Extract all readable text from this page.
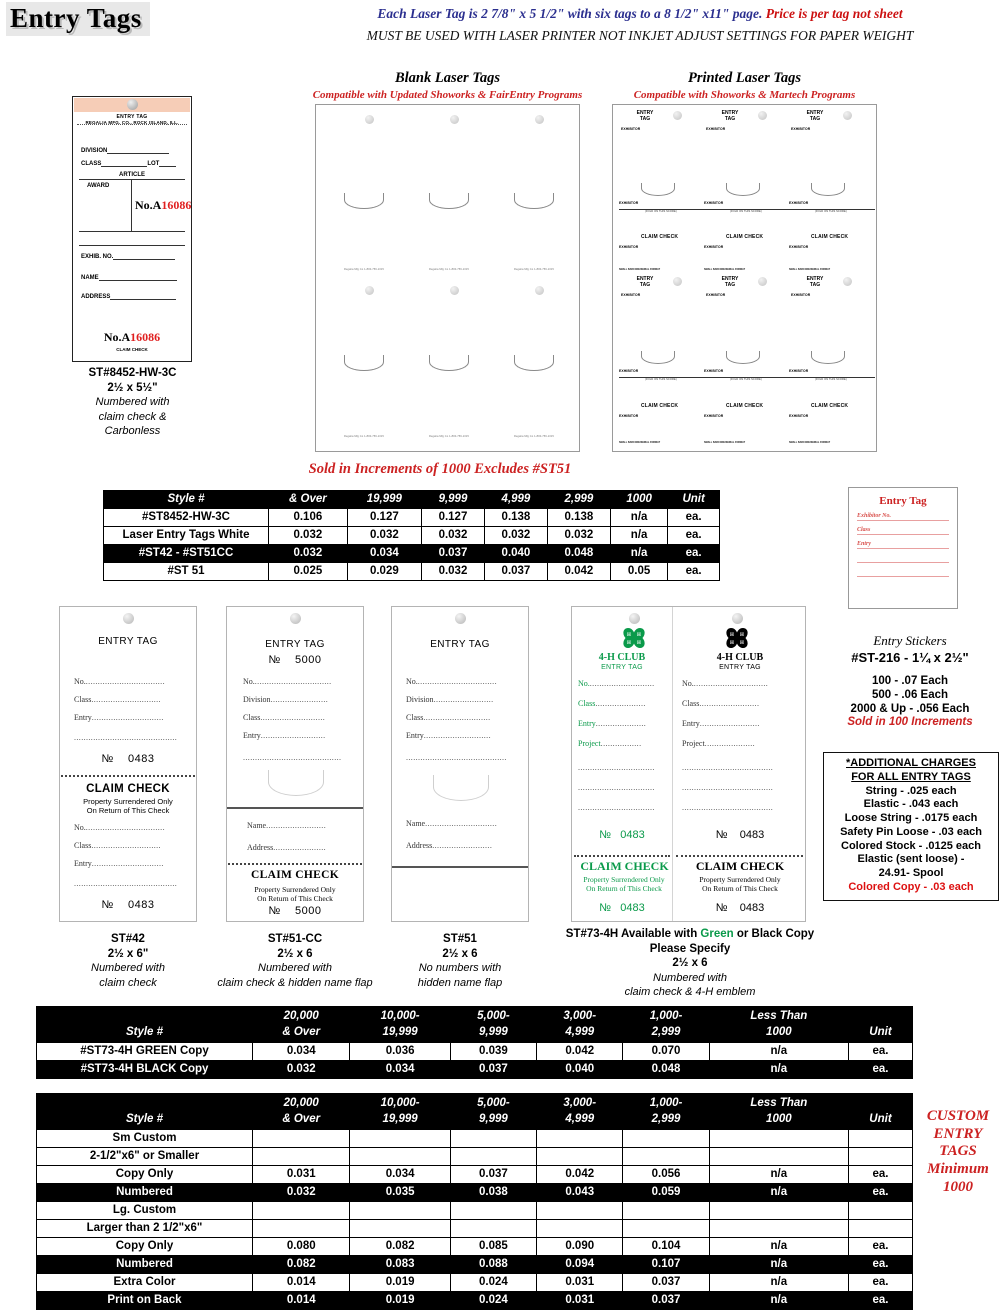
Entry Tags	Each Laser Tag is 2 7/8" x 5 1/2" with six tags to a 8 1/2" x11" page. Price is per tag not sheet
MUST BE USED WITH LASER PRINTER NOT INKJET ADJUST SETTINGS FOR PAPER WEIGHT
ENTRY TAG
REGALIA MFG. CO., ROCK ISLAND, ILL.
DIVISION
CLASS	LOT
ARTICLE
AWARD
No.A16086
EXHIB. NO.
NAME
ADDRESS
No.A16086
CLAIM CHECK
ST#8452-HW-3C
2½ x 5½"
Numbered with
claim check &
Carbonless
Blank Laser Tags
Compatible with Updated Showorks & FairEntry Programs
Printed Laser Tags
Compatible with Showorks & Martech Programs
Regalia Mfg Co 1-800-759-1015	Regalia Mfg Co 1-800-759-1015	Regalia Mfg Co 1-800-759-1015
Regalia Mfg Co 1-800-759-1015	Regalia Mfg Co 1-800-759-1015	Regalia Mfg Co 1-800-759-1015
ENTRY
TAG
EXHIBITOR
EXHIBITOR
(FOLD ON THIS SCORE)
CLAIM CHECK
EXHIBITOR
SMALL BARCODE/SERIAL FORMAT
ENTRY
TAG
EXHIBITOR
EXHIBITOR
(FOLD ON THIS SCORE)
CLAIM CHECK
EXHIBITOR
SMALL BARCODE/SERIAL FORMAT
ENTRY
TAG
EXHIBITOR
EXHIBITOR
(FOLD ON THIS SCORE)
CLAIM CHECK
EXHIBITOR
SMALL BARCODE/SERIAL FORMAT
ENTRY
TAG
EXHIBITOR
EXHIBITOR
(FOLD ON THIS SCORE)
CLAIM CHECK
EXHIBITOR
SMALL BARCODE/SERIAL FORMAT
ENTRY
TAG
EXHIBITOR
EXHIBITOR
(FOLD ON THIS SCORE)
CLAIM CHECK
EXHIBITOR
SMALL BARCODE/SERIAL FORMAT
ENTRY
TAG
EXHIBITOR
EXHIBITOR
(FOLD ON THIS SCORE)
CLAIM CHECK
EXHIBITOR
SMALL BARCODE/SERIAL FORMAT
Sold in Increments of 1000 Excludes #ST51
Style #	& Over	19,999	9,999	4,999	2,999	1000	Unit
#ST8452-HW-3C	0.106	0.127	0.127	0.138	0.138	n/a	ea.
Laser Entry Tags White	0.032	0.032	0.032	0.032	0.032	n/a	ea.
#ST42 - #ST51CC	0.032	0.034	0.037	0.040	0.048	n/a	ea.
#ST 51	0.025	0.029	0.032	0.037	0.042	0.05	ea.
Entry Tag
Exhibitor No.
Class
Entry
Entry Stickers
#ST-216 - 1¼ x 2½"
100 - .07 Each
500 - .06 Each
2000 & Up - .056 Each
Sold in 100 Increments
*ADDITIONAL CHARGES
FOR ALL ENTRY TAGS
String - .025 each
Elastic - .043 each
Loose String - .0175 each
Safety Pin Loose - .03 each
Colored Stock - .0125 each
Elastic (sent loose) -
24.91- Spool
Colored Copy - .03 each
ENTRY TAG
No..................................
Class.............................
Entry..............................
...........................................
№ 0483
CLAIM CHECK
Property Surrendered Only
On Return of This Check
No..................................
Class.............................
Entry..............................
...........................................
№ 0483
ENTRY TAG
№ 5000
No.................................
Division........................
Class...........................
Entry...........................
.........................................
Name.........................
Address......................
CLAIM CHECK
Property Surrendered Only
On Return of This Check
№ 5000
ENTRY TAG
No..................................
Division.........................
Class............................
Entry............................
..........................................
Name..............................
Address.........................
H H
H H
4-H CLUB
ENTRY TAG
No............................
Class.....................
Entry.....................
Project.................
................................
................................
................................
№ 0483
CLAIM CHECK
Property Surrendered Only
On Return of This Check
№ 0483
H H
H H
4-H CLUB
ENTRY TAG
No................................
Class.........................
Entry.........................
Project.....................
......................................
......................................
......................................
№ 0483
CLAIM CHECK
Property Surrendered Only
On Return of This Check
№ 0483
ST#42
2½ x 6"
Numbered with
claim check
ST#51-CC
2½ x 6
Numbered with
claim check & hidden name flap
ST#51
2½ x 6
No numbers with
hidden name flap
ST#73-4H Available with Green or Black Copy
Please Specify
2½ x 6
Numbered with
claim check & 4-H emblem
	20,000	10,000-	5,000-	3,000-	1,000-	Less Than	
Style #	& Over	19,999	9,999	4,999	2,999	1000	Unit
#ST73-4H GREEN Copy	0.034	0.036	0.039	0.042	0.070	n/a	ea.
#ST73-4H BLACK Copy	0.032	0.034	0.037	0.040	0.048	n/a	ea.
	20,000	10,000-	5,000-	3,000-	1,000-	Less Than	
Style #	& Over	19,999	9,999	4,999	2,999	1000	Unit
Sm Custom							
2-1/2"x6" or Smaller							
Copy Only	0.031	0.034	0.037	0.042	0.056	n/a	ea.
Numbered	0.032	0.035	0.038	0.043	0.059	n/a	ea.
Lg. Custom							
Larger than 2 1/2"x6"							
Copy Only	0.080	0.082	0.085	0.090	0.104	n/a	ea.
Numbered	0.082	0.083	0.088	0.094	0.107	n/a	ea.
Extra Color	0.014	0.019	0.024	0.031	0.037	n/a	ea.
Print on Back	0.014	0.019	0.024	0.031	0.037	n/a	ea.
CUSTOM
ENTRY
TAGS
Minimum
1000
